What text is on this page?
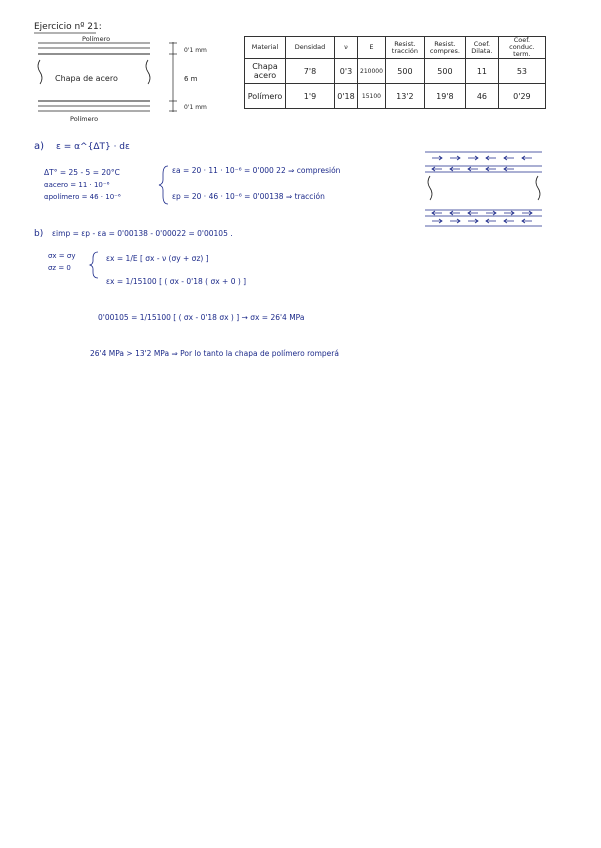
Ejercicio nº 21:
Polímero
Chapa de acero
Polímero
0'1 mm
6 m
0'1 mm
Material	Densidad	ν	E	Resist. tracción	Resist. compres.	Coef. Dilata.	Coef. conduc. term.
Chapa acero	7'8	0'3	210000	500	500	11	53
Polímero	1'9	0'18	15100	13'2	19'8	46	0'29
a) ε = α^{ΔT} · dε
ΔT° = 25 - 5 = 20°C
αacero = 11 · 10⁻⁶
αpolímero = 46 · 10⁻⁶
εa = 20 · 11 · 10⁻⁶ = 0'000 22 ⇒ compresión
εp = 20 · 46 · 10⁻⁶ = 0'00138 ⇒ tracción
b) εimp = εp - εa = 0'00138 - 0'00022 = 0'00105 .
σx = σy
σz = 0
εx = 1/E [ σx - ν (σy + σz) ]
εx = 1/15100 [ ( σx - 0'18 ( σx + 0 ) ]
0'00105 = 1/15100 [ ( σx - 0'18 σx ) ] → σx = 26'4 MPa
26'4 MPa > 13'2 MPa ⇒ Por lo tanto la chapa de polímero romperá
